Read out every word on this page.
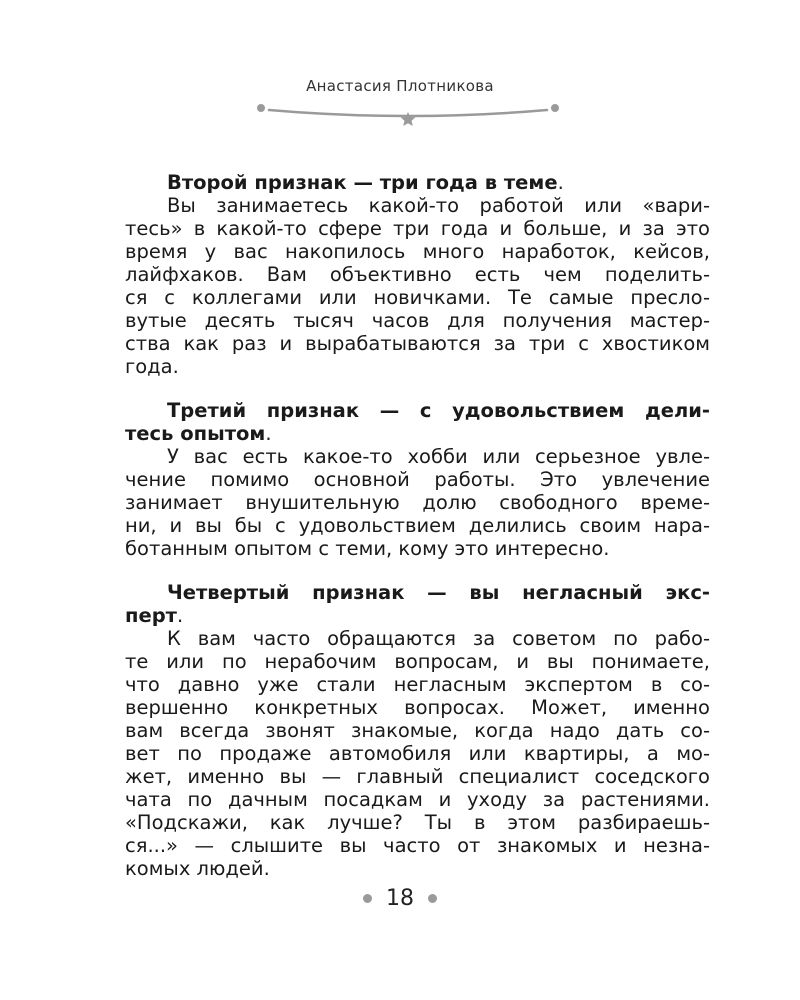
Анастасия Плотникова
Второй признак — три года в теме.
Вы занимаетесь какой-то работой или «вари-
тесь» в какой-то сфере три года и больше, и за это
время у вас накопилось много наработок, кейсов,
лайфхаков. Вам объективно есть чем поделить-
ся с коллегами или новичками. Те самые преслo-
вутые десять тысяч часов для получения мастер-
ства как раз и вырабатываются за три с хвостиком
года.
Третий признак — с удовольствием дели-
тесь опытом.
У вас есть какое-то хобби или серьезное увле-
чение помимо основной работы. Это увлечение
занимает внушительную долю свободного време-
ни, и вы бы с удовольствием делились своим нара-
ботанным опытом с теми, кому это интересно.
Четвертый признак — вы негласный экс-
перт.
К вам часто обращаются за советом по рабо-
те или по нерабочим вопросам, и вы понимаете,
что давно уже стали негласным экспертом в со-
вершенно конкретных вопросах. Может, именно
вам всегда звонят знакомые, когда надо дать со-
вет по продаже автомобиля или квартиры, а мо-
жет, именно вы — главный специалист соседского
чата по дачным посадкам и уходу за растениями.
«Подскажи, как лучше? Ты в этом разбираешь-
ся...» — слышите вы часто от знакомых и незна-
комых людей.
18
